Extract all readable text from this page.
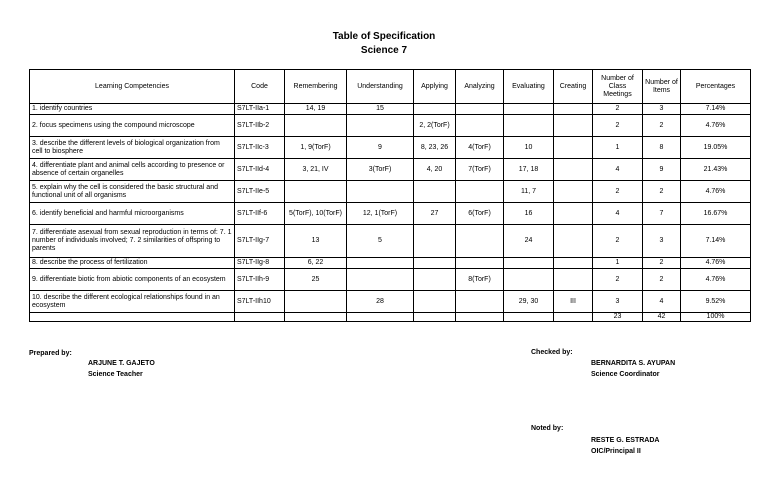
Table of Specification
Science 7
Learning Competencies	Code	Remembering	Understanding	Applying	Analyzing	Evaluating	Creating	Number of Class Meetings	Number of Items	Percentages
1. identify countries	S7LT-IIa-1	14, 19	15					2	3	7.14%
2. focus specimens using the compound microscope	S7LT-IIb-2			2, 2(TorF)				2	2	4.76%
3. describe the different levels of biological organization from cell to biosphere	S7LT-IIc-3	1, 9(TorF)	9	8, 23, 26	4(TorF)	10		1	8	19.05%
4. differentiate plant and animal cells according to presence or absence of certain organelles	S7LT-IId-4	3, 21, IV	3(TorF)	4, 20	7(TorF)	17, 18		4	9	21.43%
5. explain why the cell is considered the basic structural and functional unit of all organisms	S7LT-IIe-5					11, 7		2	2	4.76%
6. identify beneficial and harmful microorganisms	S7LT-IIf-6	5(TorF), 10(TorF)	12, 1(TorF)	27	6(TorF)	16		4	7	16.67%
7. differentiate asexual from sexual reproduction in terms of: 7. 1 number of individuals involved; 7. 2 similarities of offspring to parents	S7LT-IIg-7	13	5			24		2	3	7.14%
8. describe the process of fertilization	S7LT-IIg-8	6, 22						1	2	4.76%
9. differentiate biotic from abiotic components of an ecosystem	S7LT-IIh-9	25			8(TorF)			2	2	4.76%
10. describe the different ecological relationships found in an ecosystem	S7LT-IIh10		28			29, 30	III	3	4	9.52%
								23	42	100%
Prepared by:
ARJUNE T. GAJETO
Science Teacher
Checked by:
BERNARDITA S. AYUPAN
Science Coordinator
Noted by:
RESTE G. ESTRADA
OIC/Principal II
